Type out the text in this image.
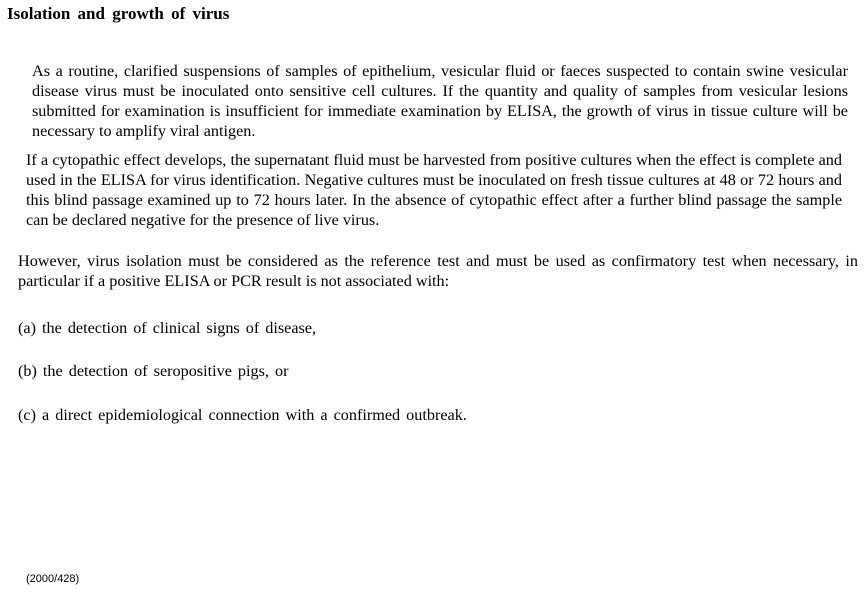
Isolation and growth of virus

As a routine, clarified suspensions of samples of epithelium, vesicular fluid or faeces suspected to contain swine vesicular disease virus must be inoculated onto sensitive cell cultures. If the quantity and quality of samples from vesicular lesions submitted for examination is insufficient for immediate examination by ELISA, the growth of virus in tissue culture will be necessary to amplify viral antigen.

If a cytopathic effect develops, the supernatant fluid must be harvested from positive cultures when the effect is complete and used in the ELISA for virus identification. Negative cultures must be inoculated on fresh tissue cultures at 48 or 72 hours and this blind passage examined up to 72 hours later. In the absence of cytopathic effect after a further blind passage the sample can be declared negative for the presence of live virus.

However, virus isolation must be considered as the reference test and must be used as confirmatory test when necessary, in particular if a positive ELISA or PCR result is not associated with:

(a) the detection of clinical signs of disease,

(b) the detection of seropositive pigs, or

(c) a direct epidemiological connection with a confirmed outbreak.

(2000/428)
